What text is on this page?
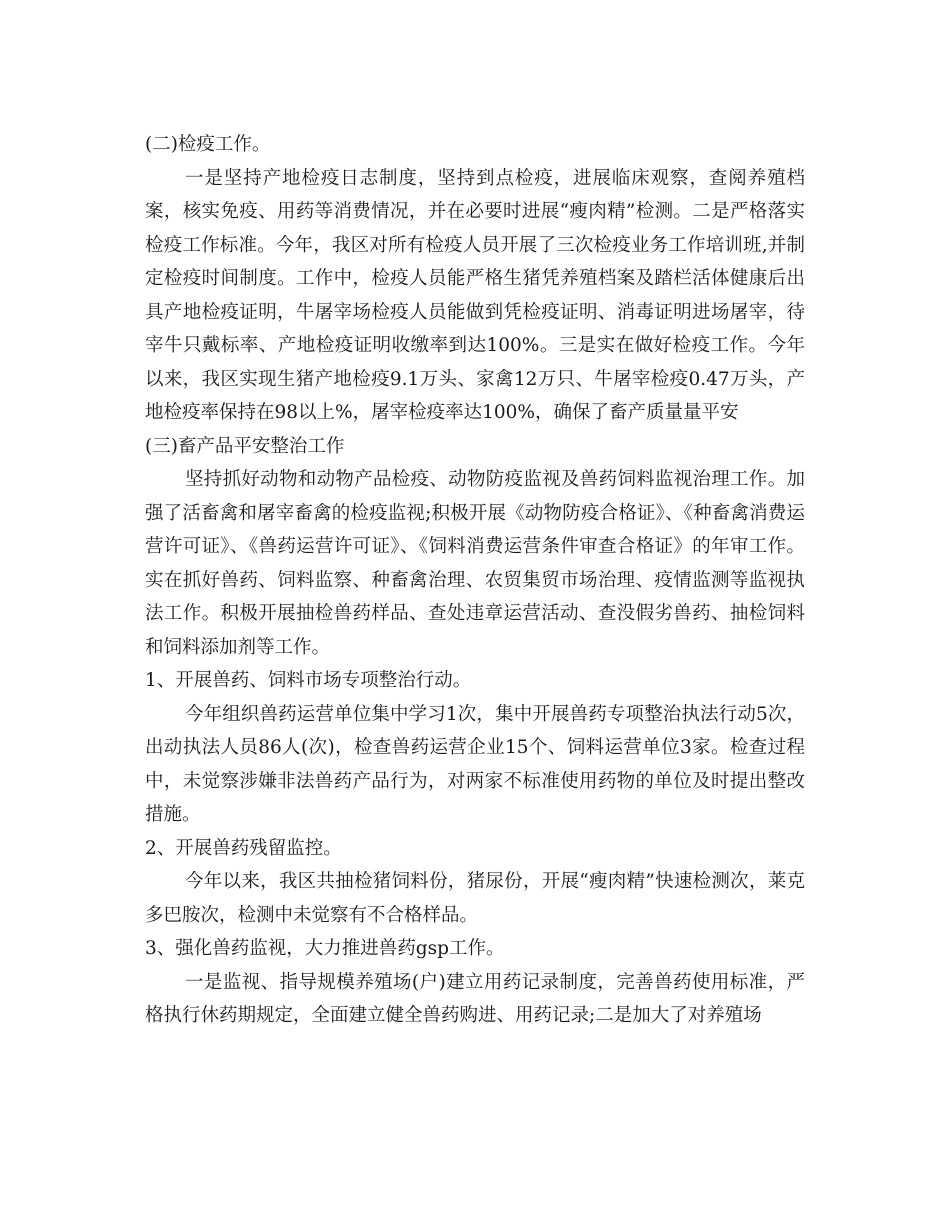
(二)检疫工作。

一是坚持产地检疫日志制度，坚持到点检疫，进展临床观察，查阅养殖档案，核实免疫、用药等消费情况，并在必要时进展“瘦肉精”检测。二是严格落实检疫工作标准。今年，我区对所有检疫人员开展了三次检疫业务工作培训班,并制定检疫时间制度。工作中，检疫人员能严格生猪凭养殖档案及踏栏活体健康后出具产地检疫证明，牛屠宰场检疫人员能做到凭检疫证明、消毒证明进场屠宰，待宰牛只戴标率、产地检疫证明收缴率到达100%。三是实在做好检疫工作。今年以来，我区实现生猪产地检疫9.1万头、家禽12万只、牛屠宰检疫0.47万头，产地检疫率保持在98以上%，屠宰检疫率达100%，确保了畜产质量量平安

(三)畜产品平安整治工作

坚持抓好动物和动物产品检疫、动物防疫监视及兽药饲料监视治理工作。加强了活畜禽和屠宰畜禽的检疫监视;积极开展《动物防疫合格证》、《种畜禽消费运营许可证》、《兽药运营许可证》、《饲料消费运营条件审查合格证》的年审工作。实在抓好兽药、饲料监察、种畜禽治理、农贸集贸市场治理、疫情监测等监视执法工作。积极开展抽检兽药样品、查处违章运营活动、查没假劣兽药、抽检饲料和饲料添加剂等工作。

1、开展兽药、饲料市场专项整治行动。

今年组织兽药运营单位集中学习1次，集中开展兽药专项整治执法行动5次，出动执法人员86人(次)，检查兽药运营企业15个、饲料运营单位3家。检查过程中，未觉察涉嫌非法兽药产品行为，对两家不标准使用药物的单位及时提出整改措施。

2、开展兽药残留监控。

今年以来，我区共抽检猪饲料份，猪尿份，开展“瘦肉精”快速检测次，莱克多巴胺次，检测中未觉察有不合格样品。

3、强化兽药监视，大力推进兽药gsp工作。

一是监视、指导规模养殖场(户)建立用药记录制度，完善兽药使用标准，严格执行休药期规定，全面建立健全兽药购进、用药记录;二是加大了对养殖场
